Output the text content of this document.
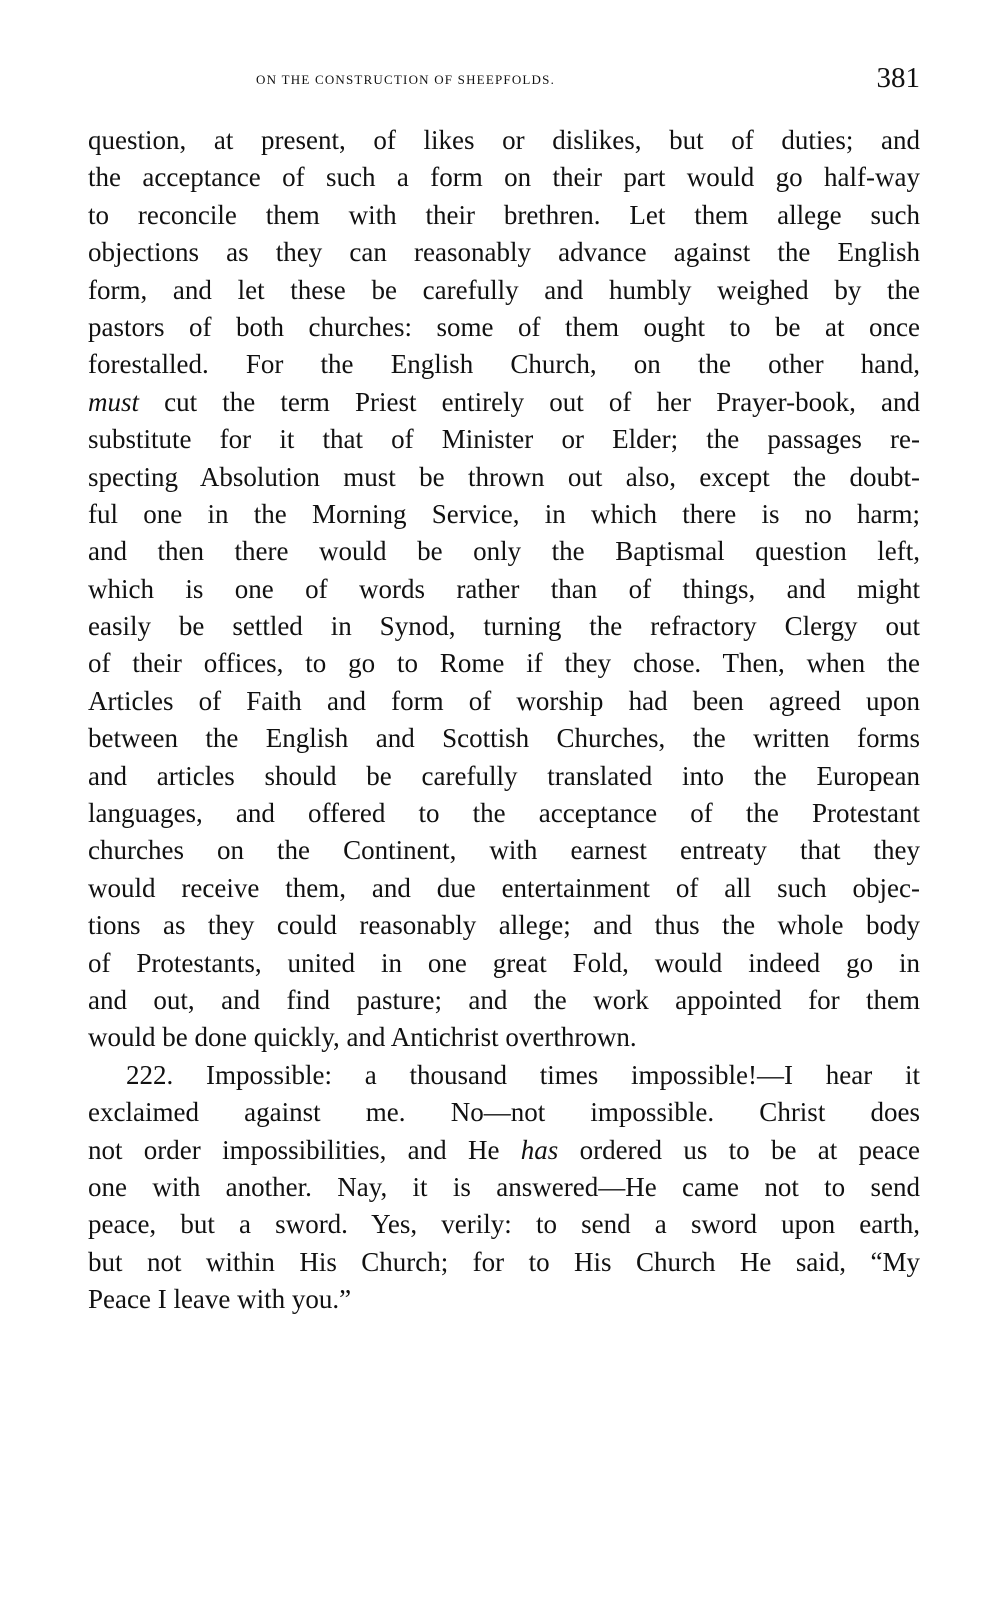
on the construction of sheepfolds.	381
question, at present, of likes or dislikes, but of duties; and
the acceptance of such a form on their part would go half-way
to reconcile them with their brethren. Let them allege such
objections as they can reasonably advance against the English
form, and let these be carefully and humbly weighed by the
pastors of both churches: some of them ought to be at once
forestalled. For the English Church, on the other hand,
must cut the term Priest entirely out of her Prayer-book, and
substitute for it that of Minister or Elder; the passages re-
specting Absolution must be thrown out also, except the doubt-
ful one in the Morning Service, in which there is no harm;
and then there would be only the Baptismal question left,
which is one of words rather than of things, and might
easily be settled in Synod, turning the refractory Clergy out
of their offices, to go to Rome if they chose. Then, when the
Articles of Faith and form of worship had been agreed upon
between the English and Scottish Churches, the written forms
and articles should be carefully translated into the European
languages, and offered to the acceptance of the Protestant
churches on the Continent, with earnest entreaty that they
would receive them, and due entertainment of all such objec-
tions as they could reasonably allege; and thus the whole body
of Protestants, united in one great Fold, would indeed go in
and out, and find pasture; and the work appointed for them
would be done quickly, and Antichrist overthrown.
222. Impossible: a thousand times impossible!—I hear it
exclaimed against me. No—not impossible. Christ does
not order impossibilities, and He has ordered us to be at peace
one with another. Nay, it is answered—He came not to send
peace, but a sword. Yes, verily: to send a sword upon earth,
but not within His Church; for to His Church He said, “My
Peace I leave with you.”
